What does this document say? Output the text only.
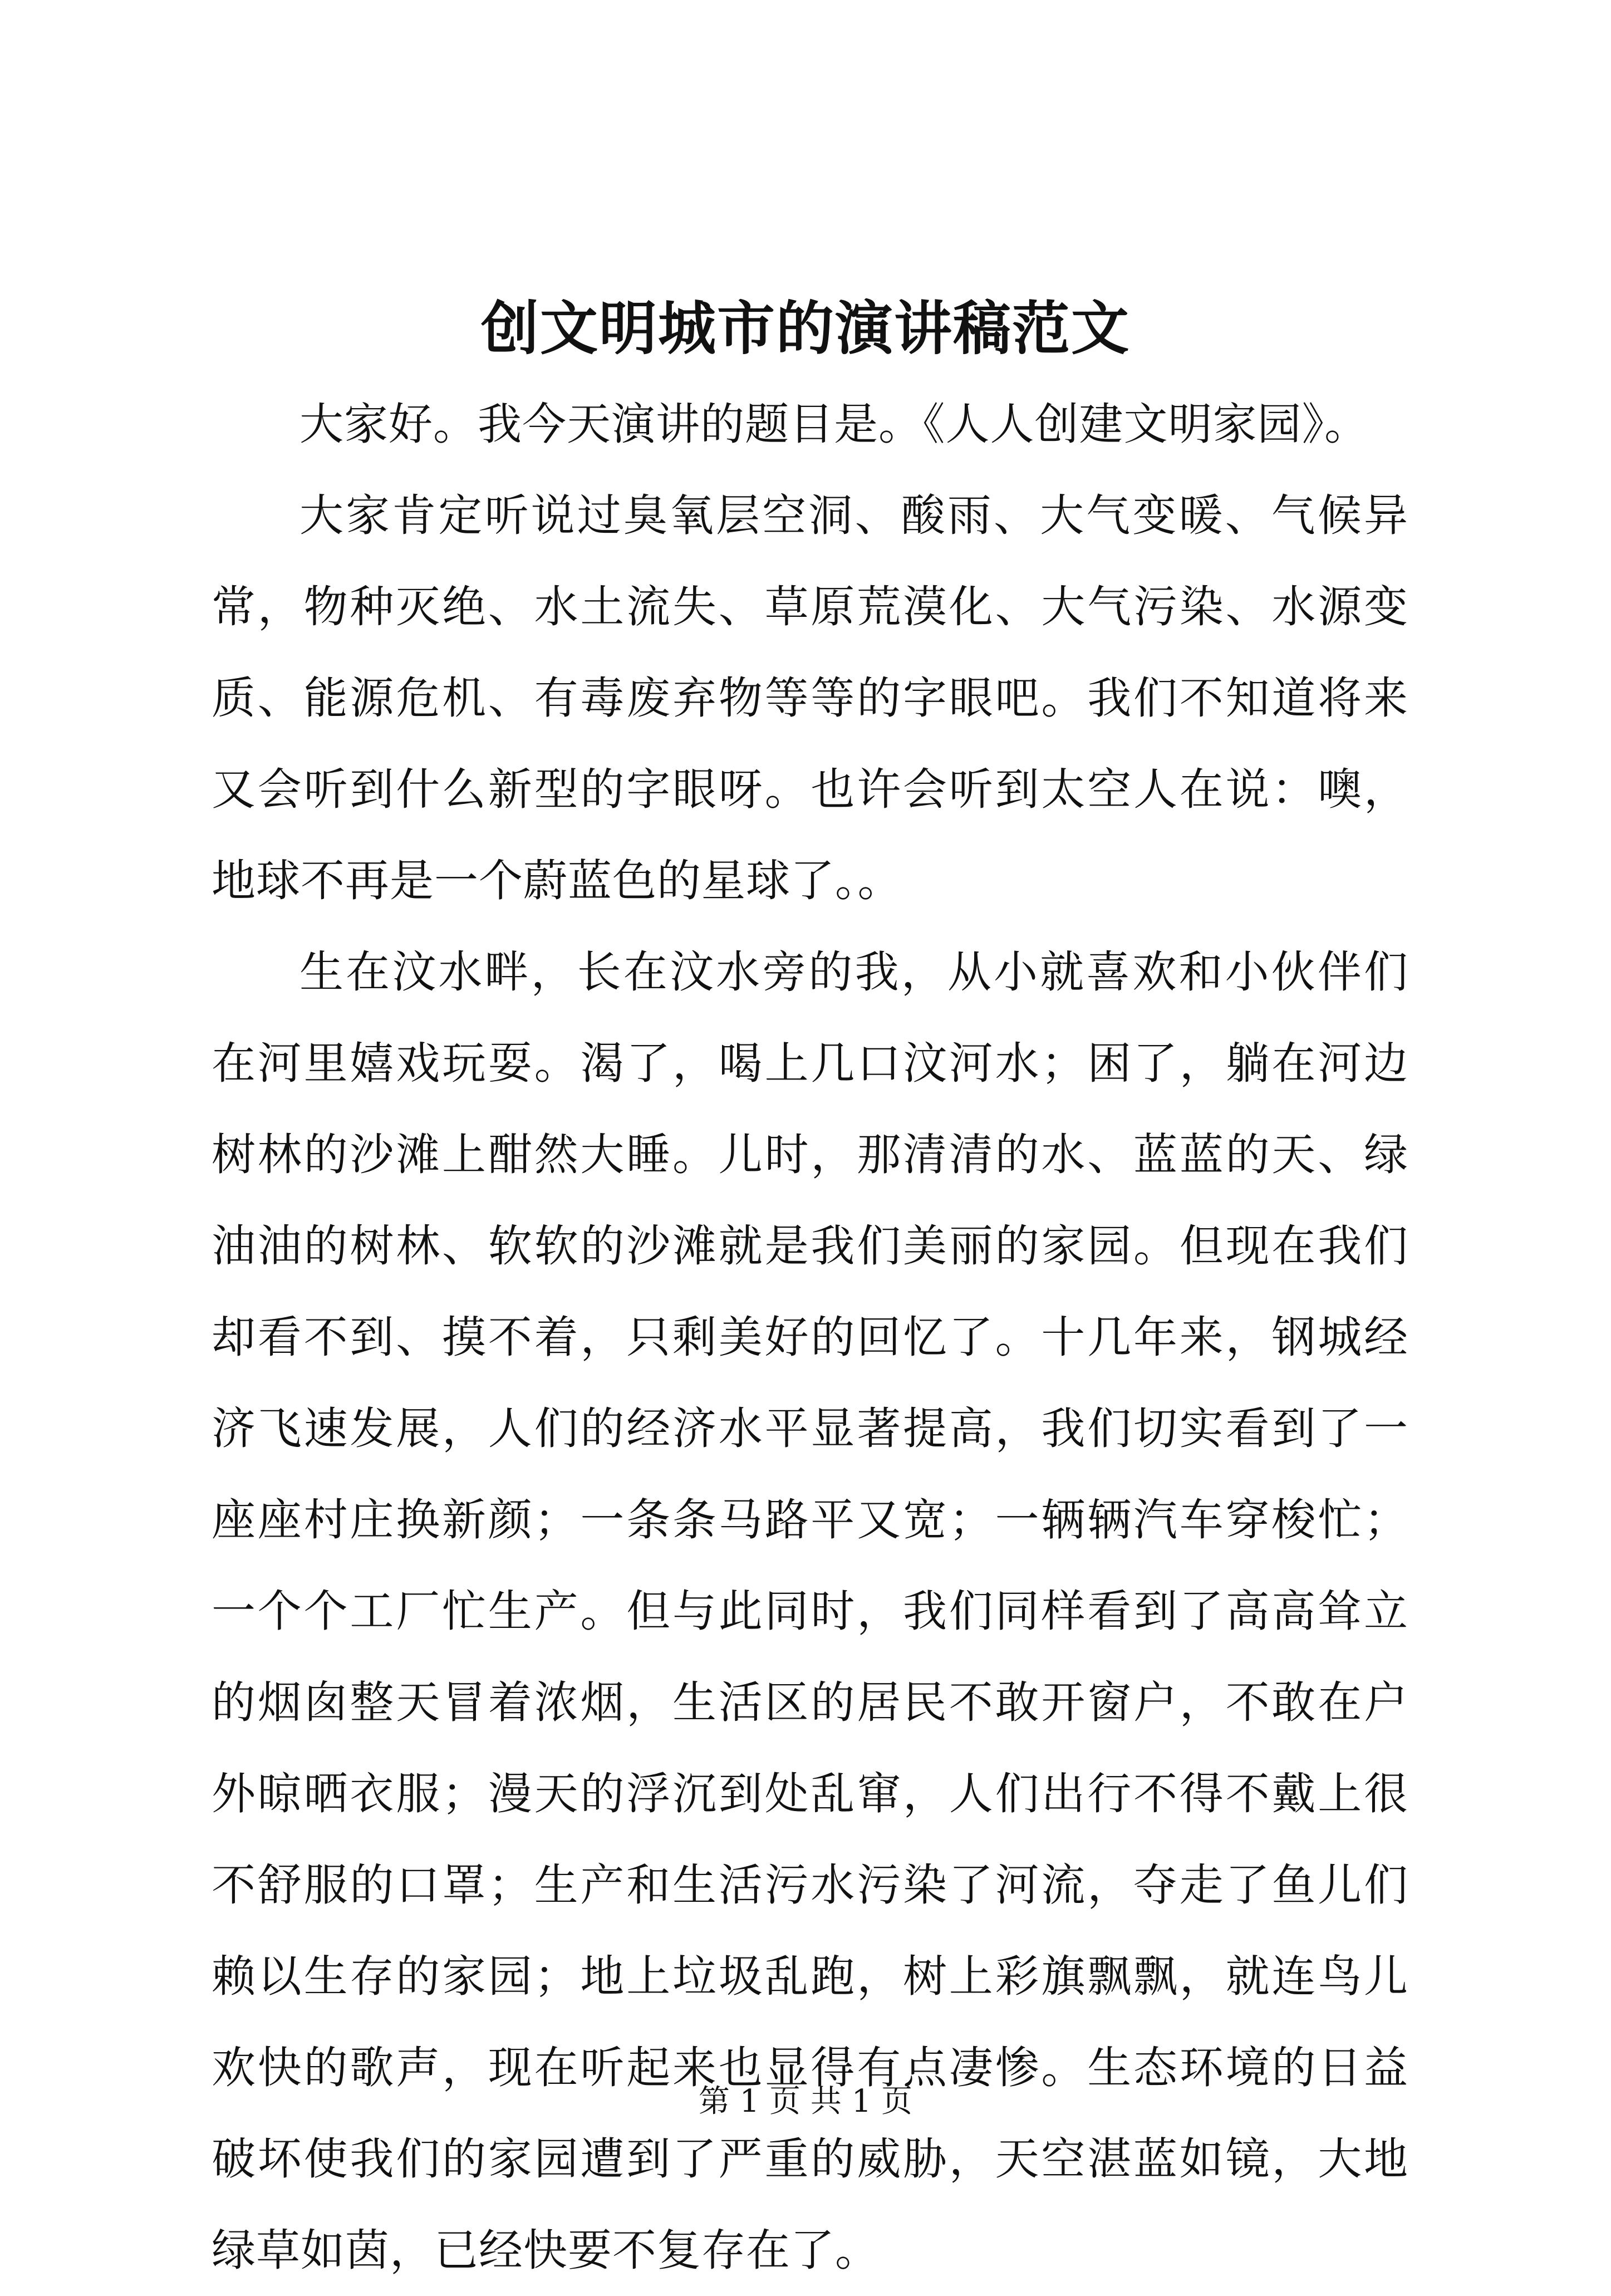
创文明城市的演讲稿范文

大家好。我今天演讲的题目是。《人人创建文明家园》。

大家肯定听说过臭氧层空洞、酸雨、大气变暖、气候异常，物种灭绝、水土流失、草原荒漠化、大气污染、水源变质、能源危机、有毒废弃物等等的字眼吧。我们不知道将来又会听到什么新型的字眼呀。也许会听到太空人在说：噢，地球不再是一个蔚蓝色的星球了。。

生在汶水畔，长在汶水旁的我，从小就喜欢和小伙伴们在河里嬉戏玩耍。渴了，喝上几口汶河水；困了，躺在河边树林的沙滩上酣然大睡。儿时，那清清的水、蓝蓝的天、绿油油的树林、软软的沙滩就是我们美丽的家园。但现在我们却看不到、摸不着，只剩美好的回忆了。十几年来，钢城经济飞速发展，人们的经济水平显著提高，我们切实看到了一座座村庄换新颜；一条条马路平又宽；一辆辆汽车穿梭忙；一个个工厂忙生产。但与此同时，我们同样看到了高高耸立的烟囱整天冒着浓烟，生活区的居民不敢开窗户，不敢在户外晾晒衣服；漫天的浮沉到处乱窜，人们出行不得不戴上很不舒服的口罩；生产和生活污水污染了河流，夺走了鱼儿们赖以生存的家园；地上垃圾乱跑，树上彩旗飘飘，就连鸟儿欢快的歌声，现在听起来也显得有点凄惨。生态环境的日益破坏使我们的家园遭到了严重的威胁，天空湛蓝如镜，大地绿草如茵，已经快要不复存在了。

第 1 页 共 1 页
